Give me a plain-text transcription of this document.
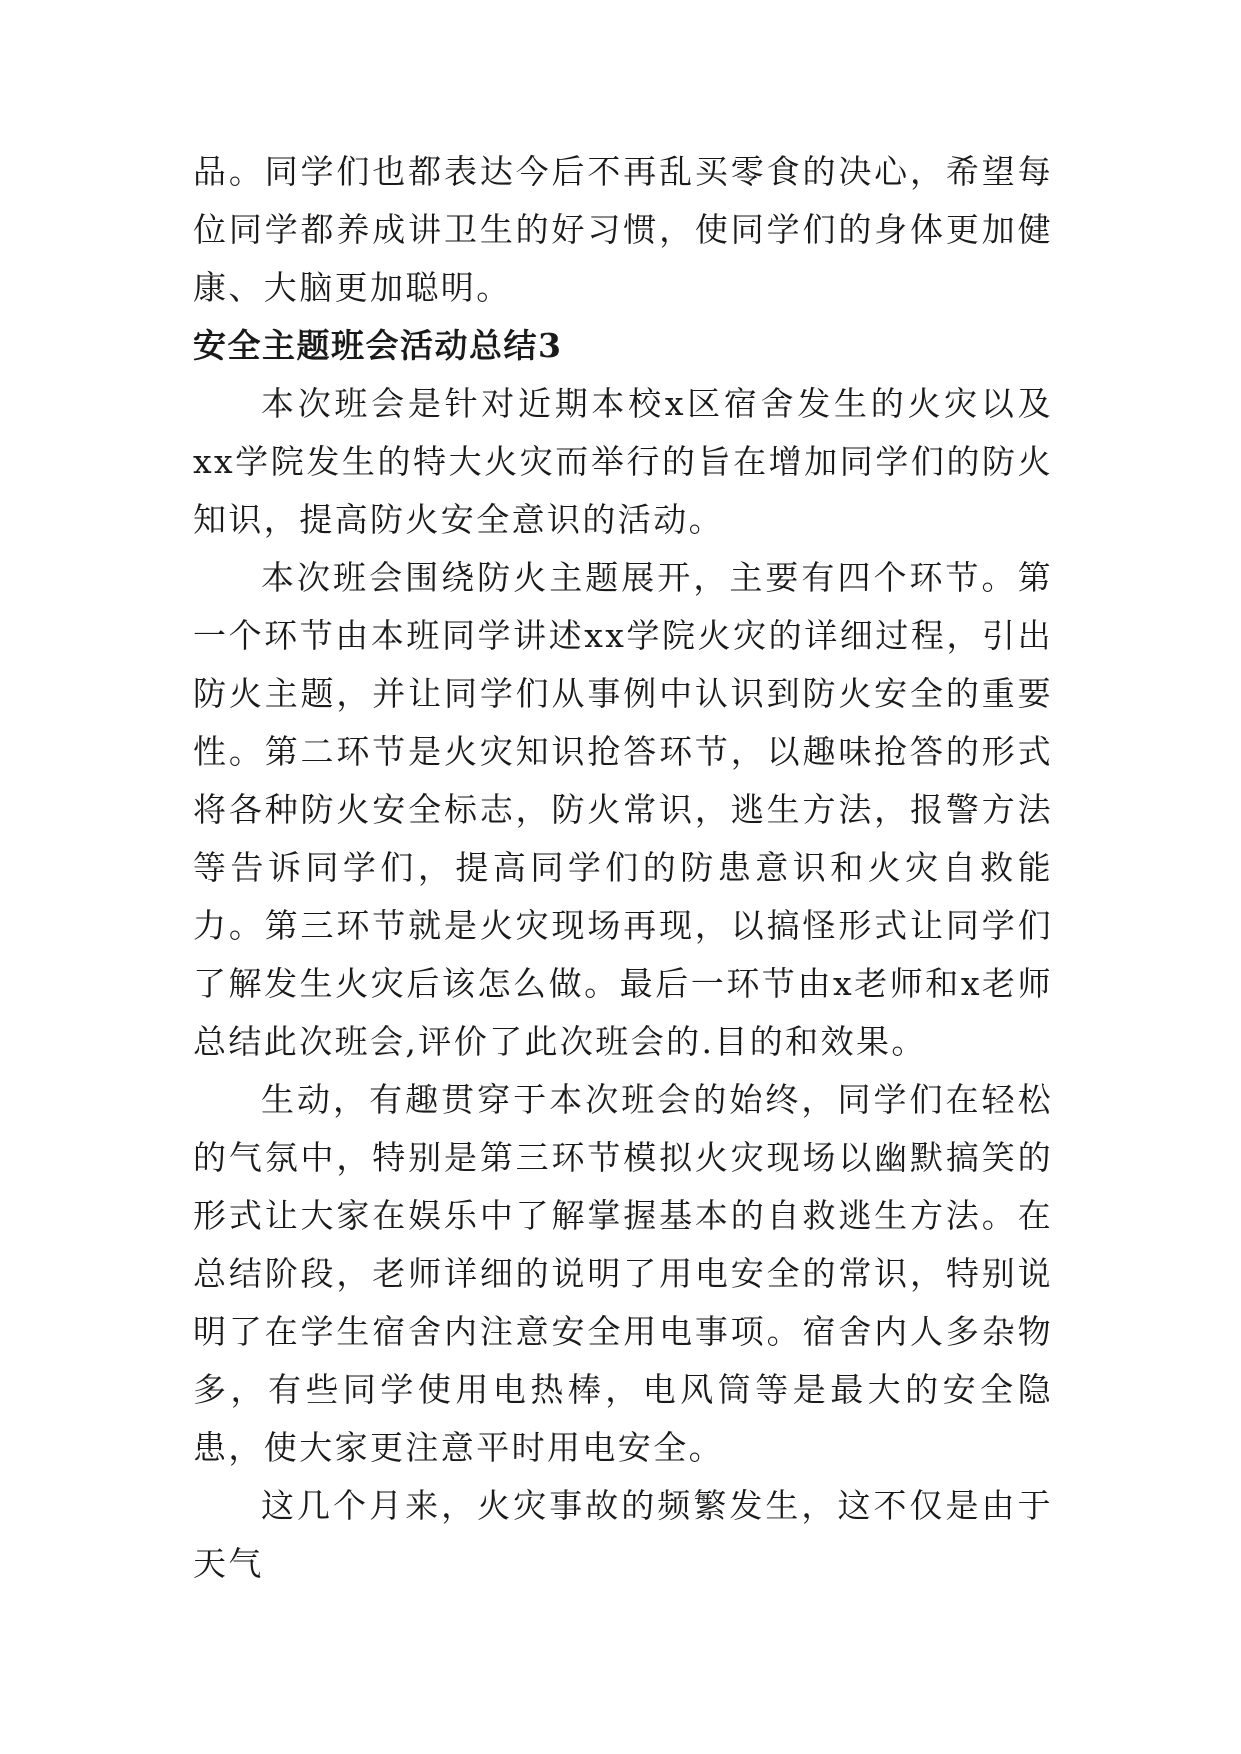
品。同学们也都表达今后不再乱买零食的决心，希望每位同学都养成讲卫生的好习惯，使同学们的身体更加健康、大脑更加聪明。

安全主题班会活动总结3

本次班会是针对近期本校x区宿舍发生的火灾以及xx学院发生的特大火灾而举行的旨在增加同学们的防火知识，提高防火安全意识的活动。

本次班会围绕防火主题展开，主要有四个环节。第一个环节由本班同学讲述xx学院火灾的详细过程，引出防火主题，并让同学们从事例中认识到防火安全的重要性。第二环节是火灾知识抢答环节，以趣味抢答的形式将各种防火安全标志，防火常识，逃生方法，报警方法等告诉同学们，提高同学们的防患意识和火灾自救能力。第三环节就是火灾现场再现，以搞怪形式让同学们了解发生火灾后该怎么做。最后一环节由x老师和x老师总结此次班会,评价了此次班会的.目的和效果。

生动，有趣贯穿于本次班会的始终，同学们在轻松的气氛中，特别是第三环节模拟火灾现场以幽默搞笑的形式让大家在娱乐中了解掌握基本的自救逃生方法。在总结阶段，老师详细的说明了用电安全的常识，特别说明了在学生宿舍内注意安全用电事项。宿舍内人多杂物多，有些同学使用电热棒，电风筒等是最大的安全隐患，使大家更注意平时用电安全。

这几个月来，火灾事故的频繁发生，这不仅是由于天气
